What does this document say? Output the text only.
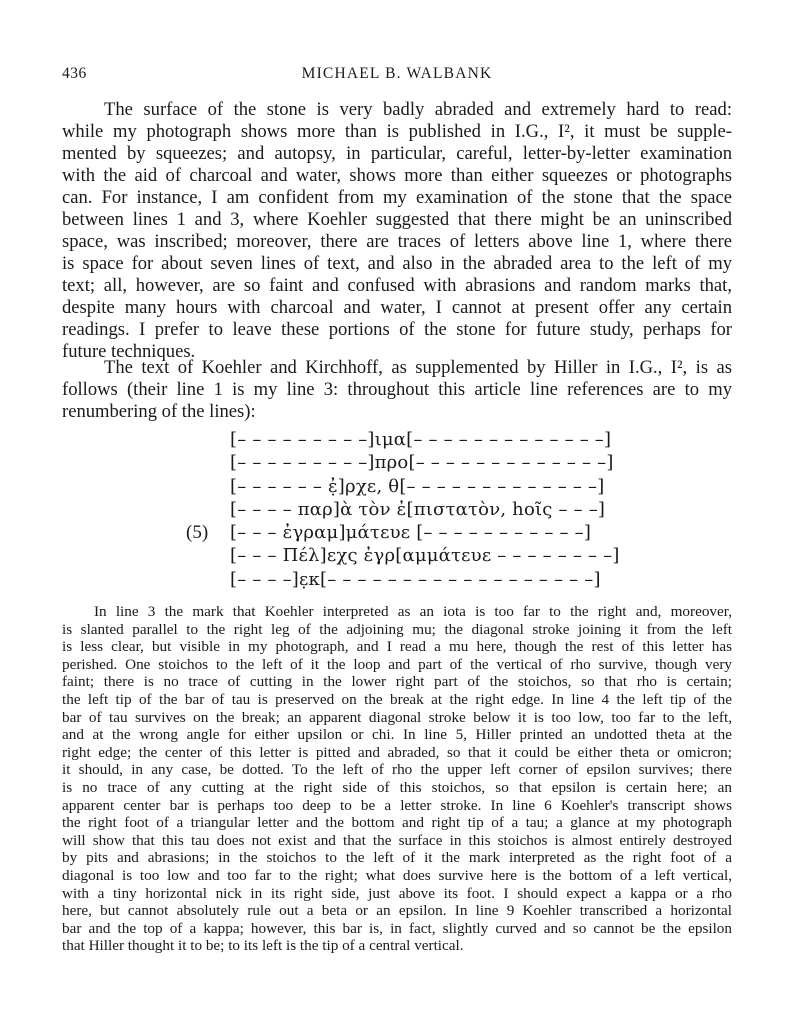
436	MICHAEL B. WALBANK
The surface of the stone is very badly abraded and extremely hard to read:
while my photograph shows more than is published in I.G., I², it must be supple-
mented by squeezes; and autopsy, in particular, careful, letter-by-letter examination
with the aid of charcoal and water, shows more than either squeezes or photographs
can. For instance, I am confident from my examination of the stone that the space
between lines 1 and 3, where Koehler suggested that there might be an uninscribed
space, was inscribed; moreover, there are traces of letters above line 1, where there
is space for about seven lines of text, and also in the abraded area to the left of my
text; all, however, are so faint and confused with abrasions and random marks that,
despite many hours with charcoal and water, I cannot at present offer any certain
readings. I prefer to leave these portions of the stone for future study, perhaps for
future techniques.
The text of Koehler and Kirchhoff, as supplemented by Hiller in I.G., I², is as
follows (their line 1 is my line 3: throughout this article line references are to my
renumbering of the lines):
[– – – – – – – – –]ιμα[– – – – – – – – – – – – –]
[– – – – – – – – –]προ[– – – – – – – – – – – – –]
[– – – – – – ἐ̣]ρχε, θ[– – – – – – – – – – – – –]
[– – – – παρ]ὰ τὸν ἐ[πιστατὸν, hοῖς – – –]
(5) [– – – ἐγραμ]μάτευε [– – – – – – – – – – –]
[– – – Πέλ]εχς ἐγρ[αμμάτευε – – – – – – – –]
[– – – –]ε̣κ[– – – – – – – – – – – – – – – – – –]
In line 3 the mark that Koehler interpreted as an iota is too far to the right and, moreover,
is slanted parallel to the right leg of the adjoining mu; the diagonal stroke joining it from the left
is less clear, but visible in my photograph, and I read a mu here, though the rest of this letter has
perished. One stoichos to the left of it the loop and part of the vertical of rho survive, though very
faint; there is no trace of cutting in the lower right part of the stoichos, so that rho is certain;
the left tip of the bar of tau is preserved on the break at the right edge. In line 4 the left tip of the
bar of tau survives on the break; an apparent diagonal stroke below it is too low, too far to the left,
and at the wrong angle for either upsilon or chi. In line 5, Hiller printed an undotted theta at the
right edge; the center of this letter is pitted and abraded, so that it could be either theta or omicron;
it should, in any case, be dotted. To the left of rho the upper left corner of epsilon survives; there
is no trace of any cutting at the right side of this stoichos, so that epsilon is certain here; an
apparent center bar is perhaps too deep to be a letter stroke. In line 6 Koehler's transcript shows
the right foot of a triangular letter and the bottom and right tip of a tau; a glance at my photograph
will show that this tau does not exist and that the surface in this stoichos is almost entirely destroyed
by pits and abrasions; in the stoichos to the left of it the mark interpreted as the right foot of a
diagonal is too low and too far to the right; what does survive here is the bottom of a left vertical,
with a tiny horizontal nick in its right side, just above its foot. I should expect a kappa or a rho
here, but cannot absolutely rule out a beta or an epsilon. In line 9 Koehler transcribed a horizontal
bar and the top of a kappa; however, this bar is, in fact, slightly curved and so cannot be the epsilon
that Hiller thought it to be; to its left is the tip of a central vertical.
